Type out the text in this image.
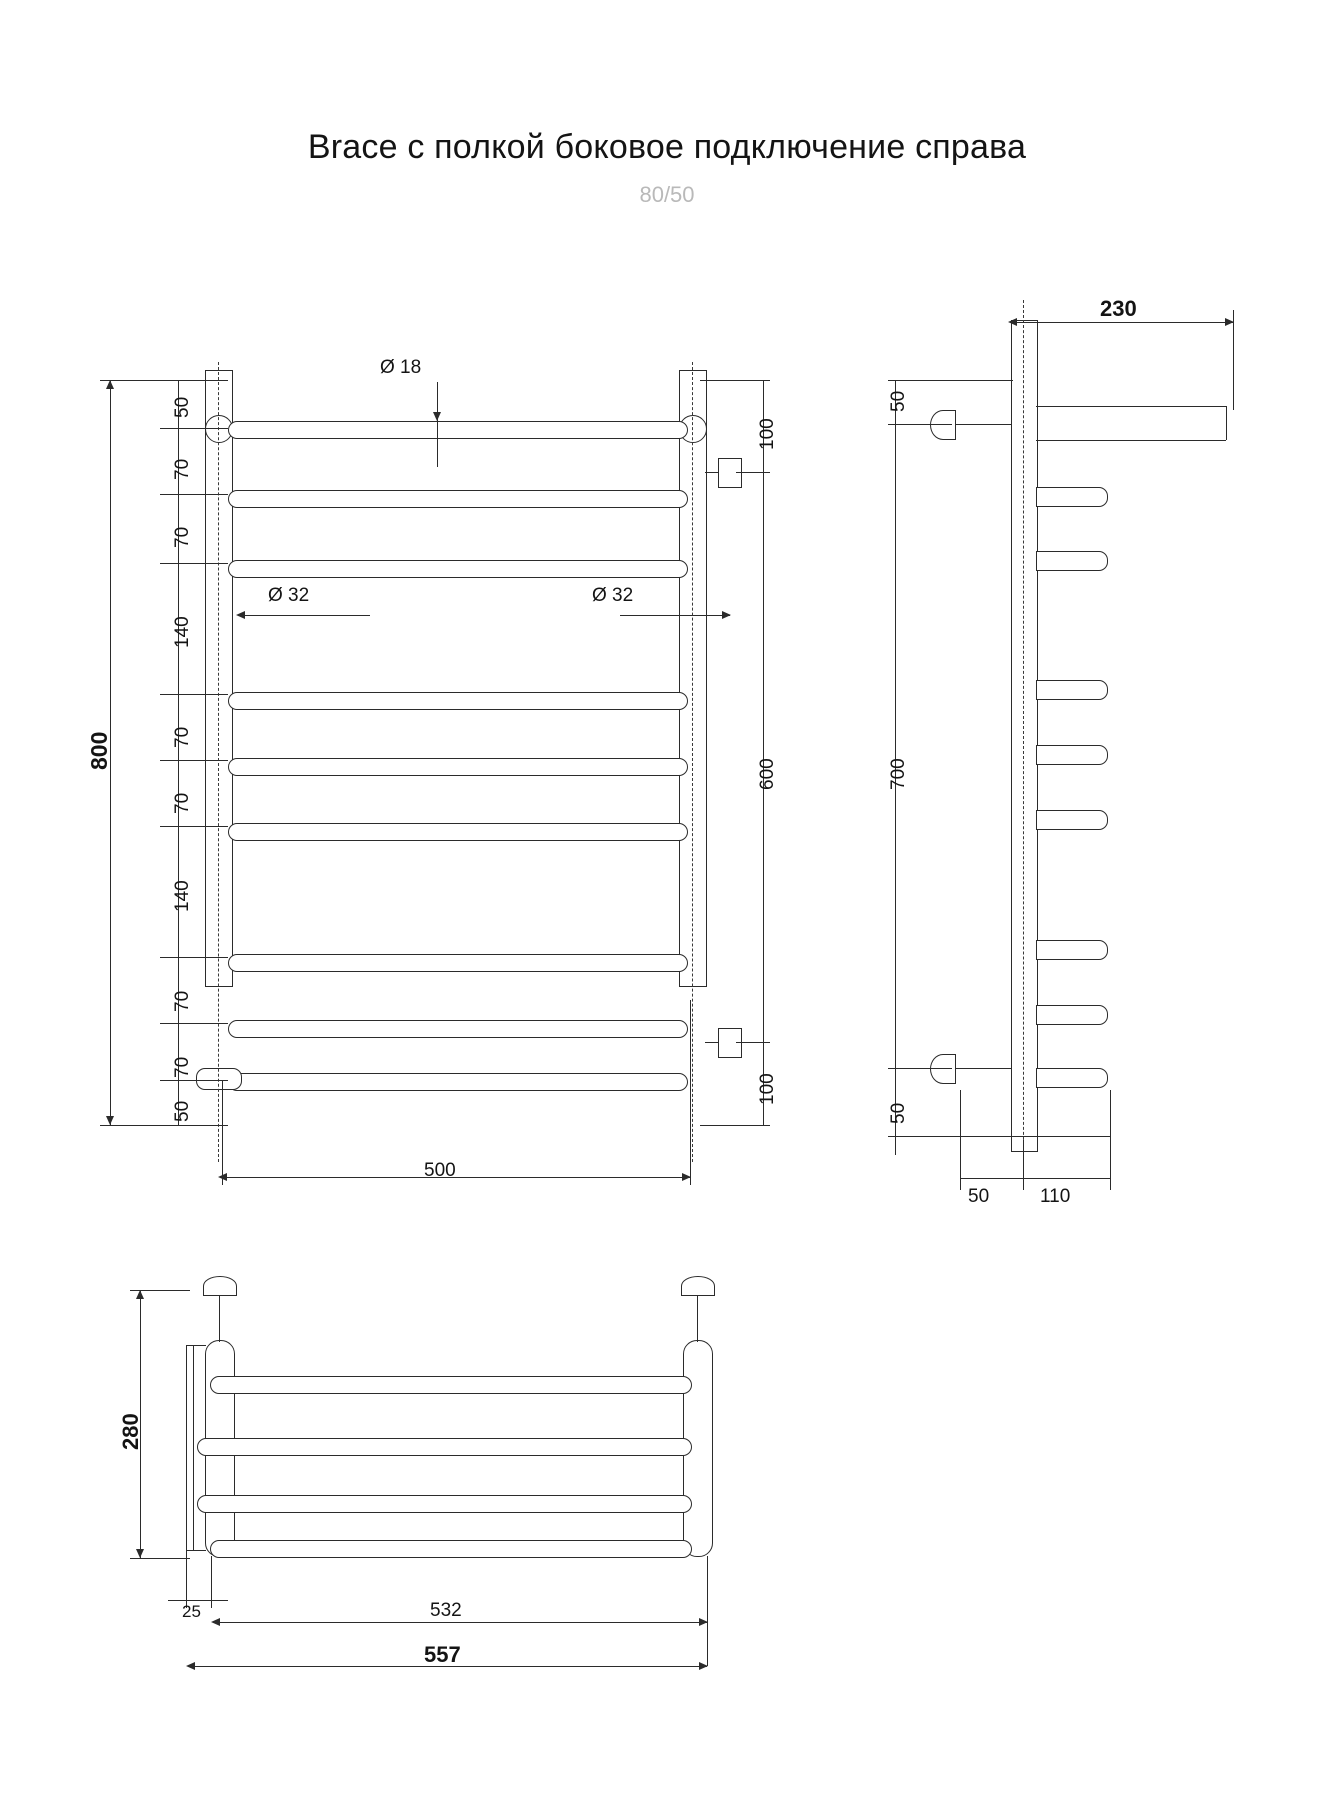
Brace с полкой боковое подключение справа
80/50
800
50
70
70
140
70
70
140
70
70
50
100
600
100
Ø 18
Ø 32	Ø 32
500
230
50
700
50
50	110
280
25	532
557
